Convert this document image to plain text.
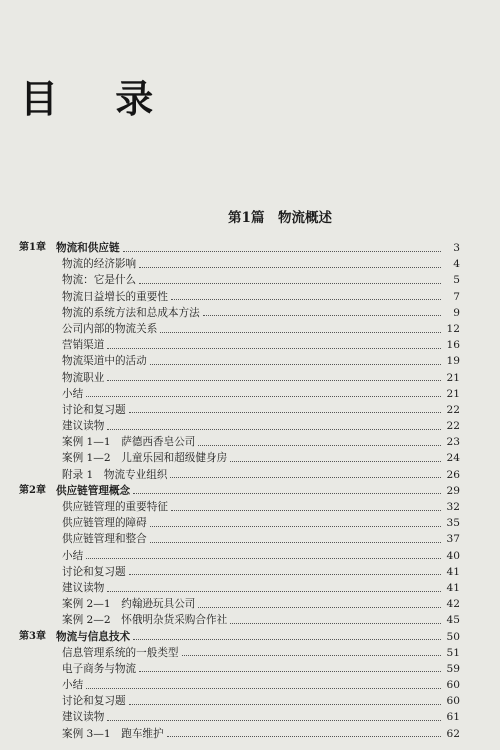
目 录
第1篇　物流概述
第1章 物流和供应链	3
物流的经济影响	4
物流：它是什么	5
物流日益增长的重要性	7
物流的系统方法和总成本方法	9
公司内部的物流关系	12
营销渠道	16
物流渠道中的活动	19
物流职业	21
小结	21
讨论和复习题	22
建议读物	22
案例 1—1　萨德西香皂公司	23
案例 1—2　儿童乐园和超级健身房	24
附录 1　物流专业组织	26
第2章 供应链管理概念	29
供应链管理的重要特征	32
供应链管理的障碍	35
供应链管理和整合	37
小结	40
讨论和复习题	41
建议读物	41
案例 2—1　约翰逊玩具公司	42
案例 2—2　怀俄明杂货采购合作社	45
第3章 物流与信息技术	50
信息管理系统的一般类型	51
电子商务与物流	59
小结	60
讨论和复习题	60
建议读物	61
案例 3—1　跑车维护	62
